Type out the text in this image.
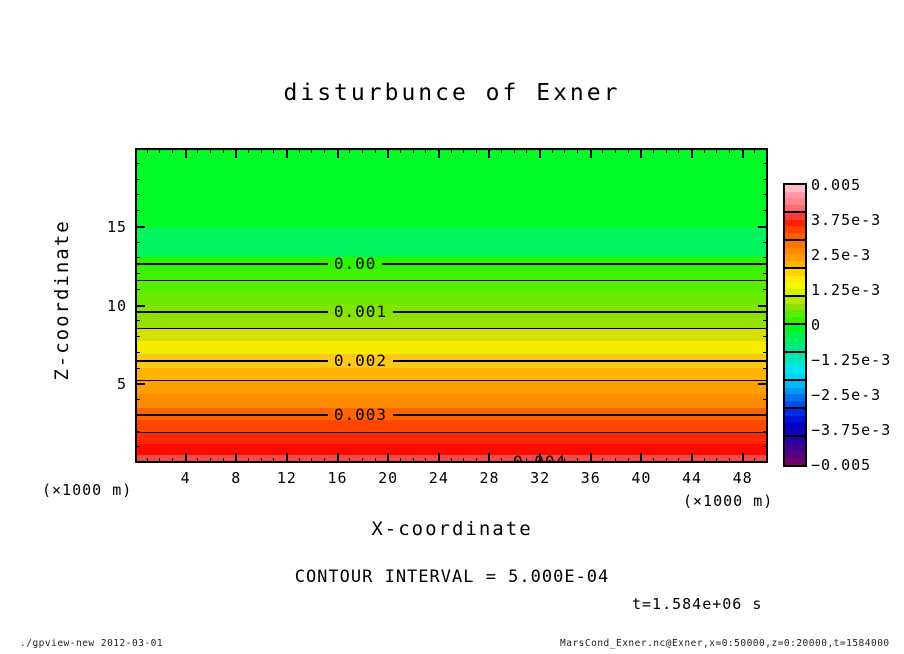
disturbunce of Exner
0.00
0.001
0.002
0.003
Z-coordinate
X-coordinate
(×1000 m)
(×1000 m)
CONTOUR INTERVAL = 5.000E-04
t=1.584e+06 s
./gpview-new 2012-03-01	MarsCond_Exner.nc@Exner,x=0:50000,z=0:20000,t=1584000
4	8 12 16 20 24 28 32 36 40 44 48
15
10
5
0.005
3.75e-3
2.5e-3
1.25e-3
0
−1.25e-3
−2.5e-3
−3.75e-3
−0.005
